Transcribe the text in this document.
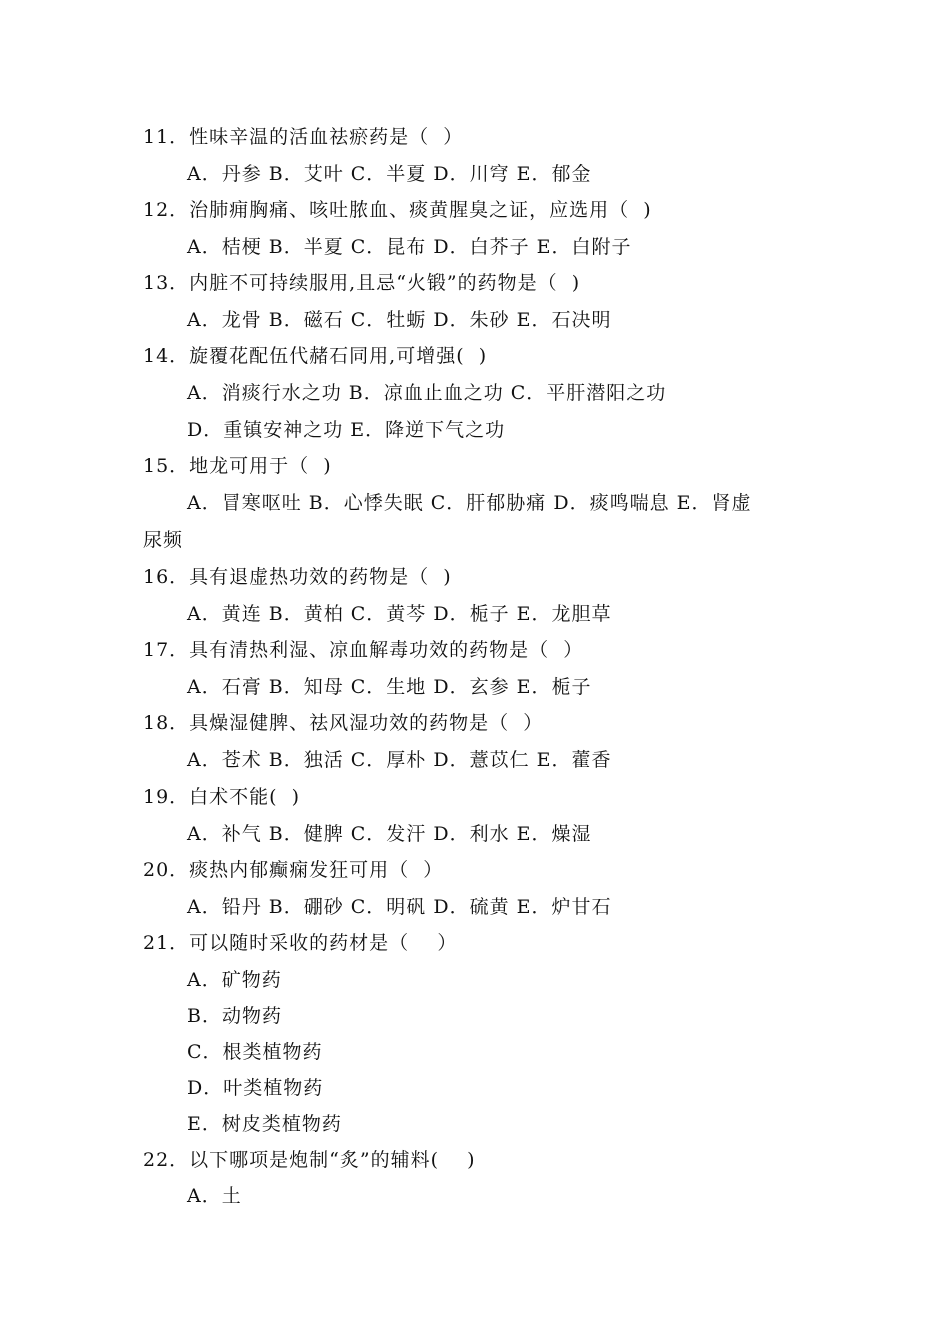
11．性味辛温的活血祛瘀药是（  ）
A．丹参 B．艾叶 C．半夏 D．川穹 E．郁金
12．治肺痈胸痛、咳吐脓血、痰黄腥臭之证，应选用（  )
A．桔梗 B．半夏 C．昆布 D．白芥子 E．白附子
13．内脏不可持续服用,且忌“火锻”的药物是（  )
A．龙骨 B．磁石 C．牡蛎 D．朱砂 E．石决明
14．旋覆花配伍代赭石同用,可增强(  )
A．消痰行水之功 B．凉血止血之功 C．平肝潜阳之功
D．重镇安神之功 E．降逆下气之功
15．地龙可用于（  )
A．冒寒呕吐 B．心悸失眠 C．肝郁胁痛 D．痰鸣喘息 E．肾虚
尿频
16．具有退虚热功效的药物是（  )
A．黄连 B．黄柏 C．黄芩 D．栀子 E．龙胆草
17．具有清热利湿、凉血解毒功效的药物是（  ）
A．石膏 B．知母 C．生地 D．玄参 E．栀子
18．具燥湿健脾、祛风湿功效的药物是（  ）
A．苍术 B．独活 C．厚朴 D．薏苡仁 E．藿香
19．白术不能(  )
A．补气 B．健脾 C．发汗 D．利水 E．燥湿
20．痰热内郁癫痫发狂可用（  ）
A．铅丹 B．硼砂 C．明矾 D．硫黄 E．炉甘石
21．可以随时采收的药材是（    ）
A．矿物药
B．动物药
C．根类植物药
D．叶类植物药
E．树皮类植物药
22．以下哪项是炮制“炙”的辅料(    )
A．土
